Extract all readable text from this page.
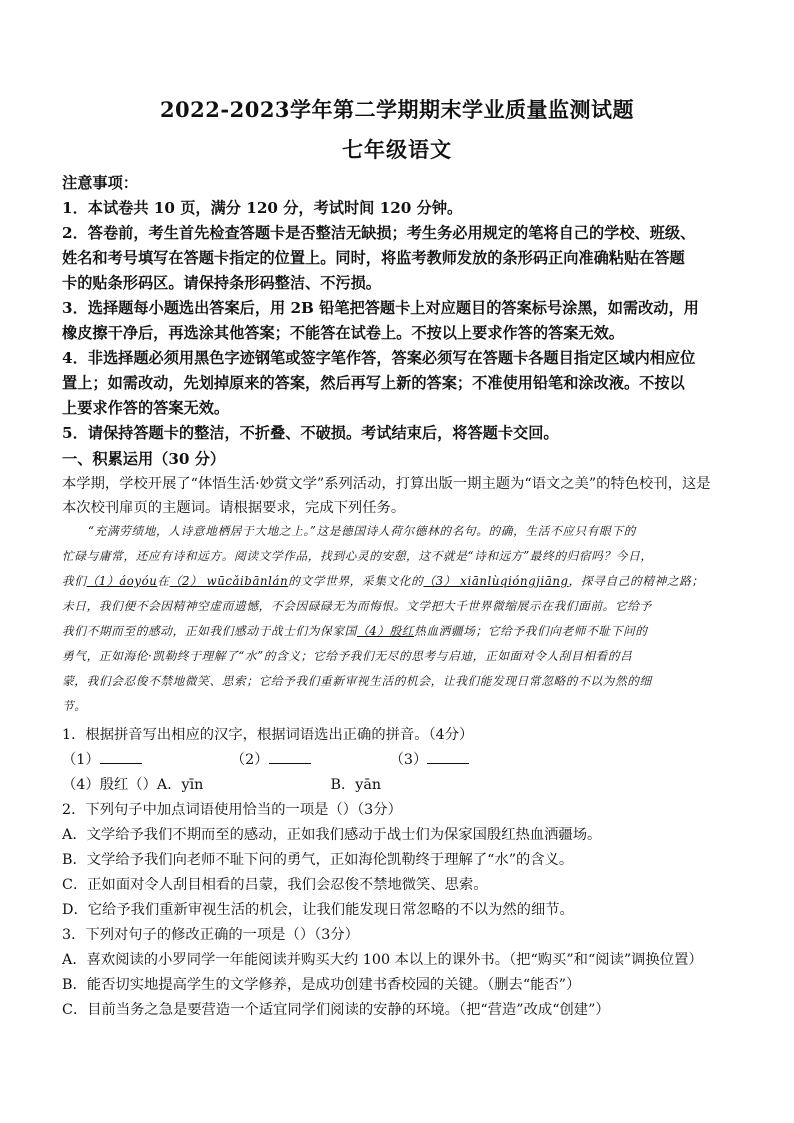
2022-2023学年第二学期期末学业质量监测试题
七年级语文
注意事项：
1．本试卷共 10 页，满分 120 分，考试时间 120 分钟。
2．答卷前，考生首先检查答题卡是否整洁无缺损；考生务必用规定的笔将自己的学校、班级、
姓名和考号填写在答题卡指定的位置上。同时，将监考教师发放的条形码正向准确粘贴在答题
卡的贴条形码区。请保持条形码整洁、不污损。
3．选择题每小题选出答案后，用 2B 铅笔把答题卡上对应题目的答案标号涂黑，如需改动，用
橡皮擦干净后，再选涂其他答案；不能答在试卷上。不按以上要求作答的答案无效。
4．非选择题必须用黑色字迹钢笔或签字笔作答，答案必须写在答题卡各题目指定区域内相应位
置上；如需改动，先划掉原来的答案，然后再写上新的答案；不准使用铅笔和涂改液。不按以
上要求作答的答案无效。
5．请保持答题卡的整洁，不折叠、不破损。考试结束后，将答题卡交回。
一、积累运用（30 分）
本学期，学校开展了“体悟生活·妙赏文学”系列活动，打算出版一期主题为“语文之美”的特色校刊，这是
本次校刊扉页的主题词。请根据要求，完成下列任务。
“充满劳绩地，人诗意地栖居于大地之上。”这是德国诗人荷尔德林的名句。的确，生活不应只有眼下的
忙碌与庸常，还应有诗和远方。阅读文学作品，找到心灵的安憩，这不就是“诗和远方”最终的归宿吗？今日，
我们（1）áoyóu在（2） wūcǎibānlán的文学世界，采集文化的（3） xiānlùqióngjiāng，探寻自己的精神之路；
未日，我们便不会因精神空虚而遗憾，不会因碌碌无为而悔恨。文学把大千世界微缩展示在我们面前。它给予
我们不期而至的感动，正如我们感动于战士们为保家国（4）殷红热血洒疆场；它给予我们向老师不耻下问的
勇气，正如海伦·凯勒终于理解了“水”的含义；它给予我们无尽的思考与启迪，正如面对令人刮目相看的吕
蒙，我们会忍俊不禁地微笑、思索；它给予我们重新审视生活的机会，让我们能发现日常忽略的不以为然的细
节。
1．根据拼音写出相应的汉字，根据词语选出正确的拼音。（4分）
（1）	（2）	（3）
（4）殷红（）A．yīn	B．yān
2．下列句子中加点词语使用恰当的一项是（）（3分）
A．文学给予我们不期而至的感动，正如我们感动于战士们为保家国殷红热血洒疆场。
B．文学给予我们向老师不耻下问的勇气，正如海伦凯勒终于理解了“水”的含义。
C．正如面对令人刮目相看的吕蒙，我们会忍俊不禁地微笑、思索。
D．它给予我们重新审视生活的机会，让我们能发现日常忽略的不以为然的细节。
3．下列对句子的修改正确的一项是（）（3分）
A．喜欢阅读的小罗同学一年能阅读并购买大约 100 本以上的课外书。（把“购买”和“阅读”调换位置）
B．能否切实地提高学生的文学修养，是成功创建书香校园的关键。（删去“能否”）
C．目前当务之急是要营造一个适宜同学们阅读的安静的环境。（把“营造”改成“创建”）
